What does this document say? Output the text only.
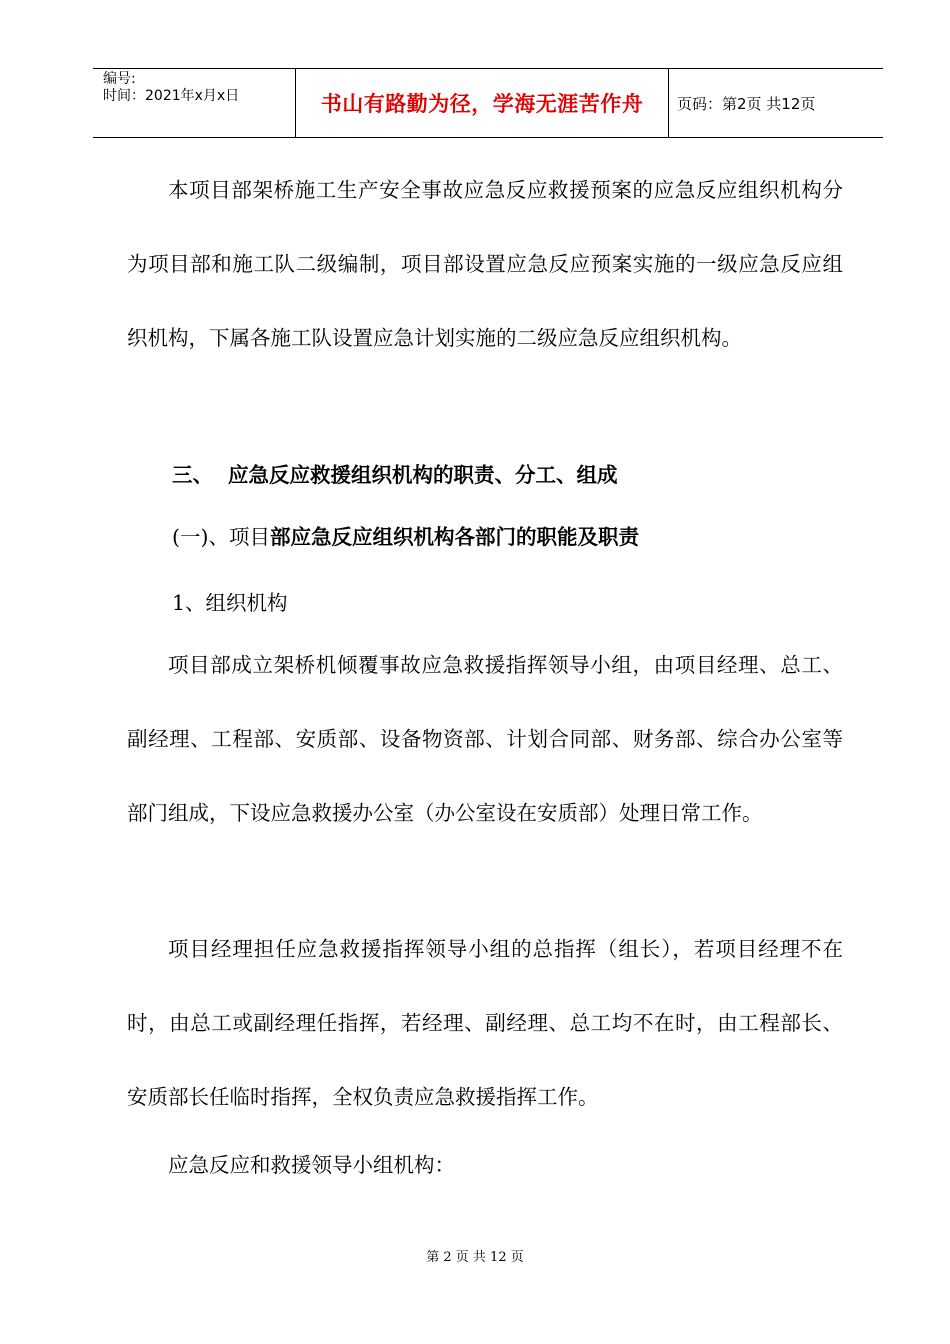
编号:
时间：2021年x月x日	书山有路勤为径，学海无涯苦作舟	页码：第2页 共12页

本项目部架桥施工生产安全事故应急反应救援预案的应急反应组织机构分为项目部和施工队二级编制，项目部设置应急反应预案实施的一级应急反应组织机构，下属各施工队设置应急计划实施的二级应急反应组织机构。

三、 应急反应救援组织机构的职责、分工、组成
(一)、项目部应急反应组织机构各部门的职能及职责
1、组织机构

项目部成立架桥机倾覆事故应急救援指挥领导小组，由项目经理、总工、副经理、工程部、安质部、设备物资部、计划合同部、财务部、综合办公室等部门组成，下设应急救援办公室（办公室设在安质部）处理日常工作。

项目经理担任应急救援指挥领导小组的总指挥（组长），若项目经理不在时，由总工或副经理任指挥，若经理、副经理、总工均不在时，由工程部长、安质部长任临时指挥，全权负责应急救援指挥工作。

应急反应和救援领导小组机构：

第 2 页 共 12 页
